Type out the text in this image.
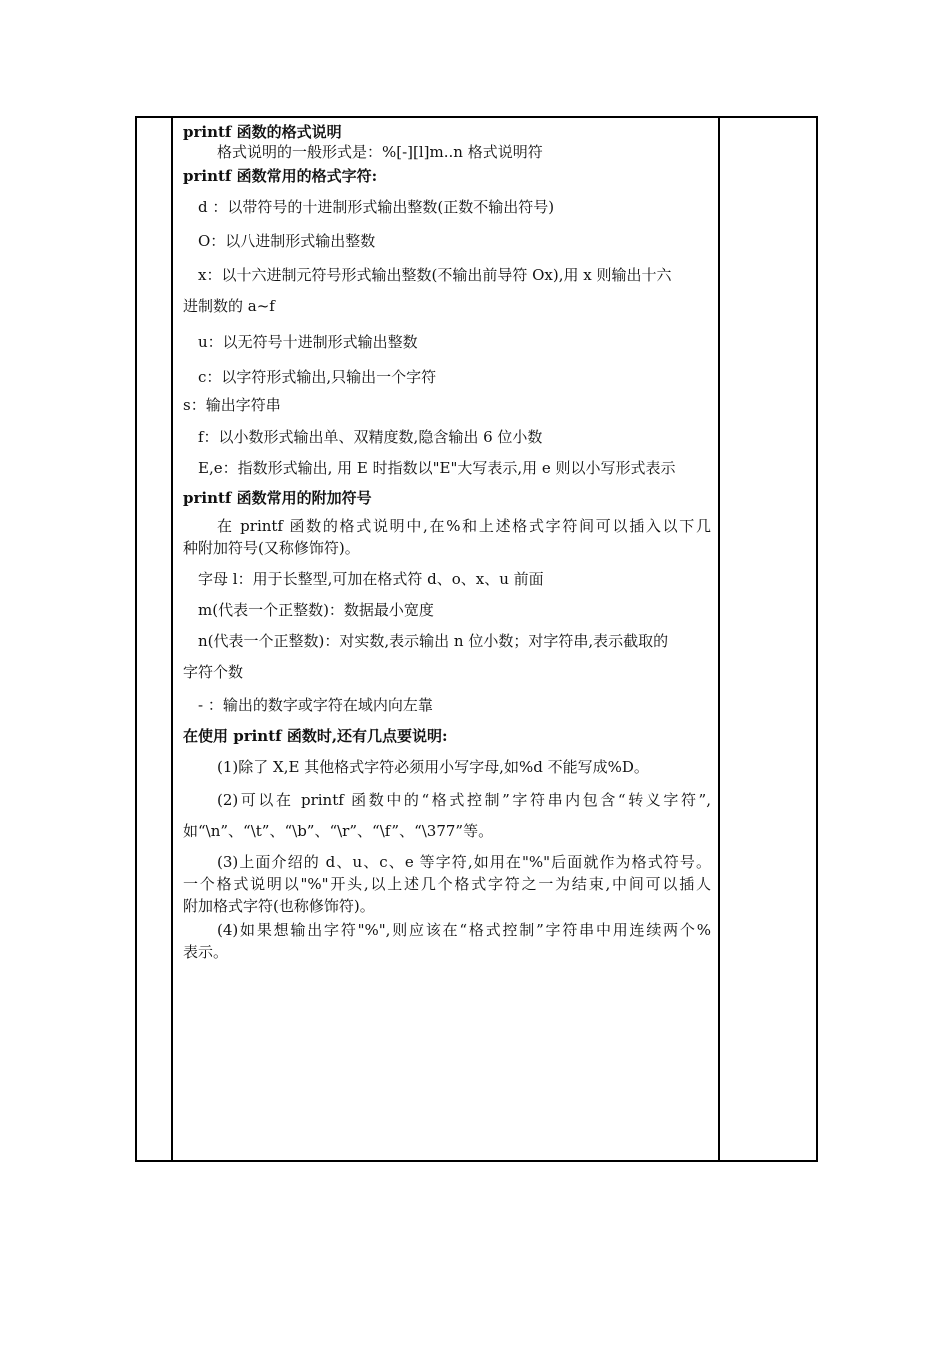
printf 函数的格式说明
格式说明的一般形式是：%[-][l]m..n 格式说明符
printf 函数常用的格式字符:
d ：以带符号的十进制形式输出整数(正数不输出符号)
O：以八进制形式输出整数
x：以十六进制元符号形式输出整数(不输出前导符 Ox),用 x 则输出十六
进制数的 a~f
u：以无符号十进制形式输出整数
c：以字符形式输出,只输出一个字符
s：输出字符串
f：以小数形式输出单、双精度数,隐含输出 6 位小数
E,e：指数形式输出, 用 E 时指数以"E"大写表示,用 e 则以小写形式表示
printf 函数常用的附加符号
在 printf 函数的格式说明中,在%和上述格式字符间可以插入以下几
种附加符号(又称修饰符)。
字母 l：用于长整型,可加在格式符 d、o、x、u 前面
m(代表一个正整数)：数据最小宽度
n(代表一个正整数)：对实数,表示输出 n 位小数；对字符串,表示截取的
字符个数
- ：输出的数字或字符在域内向左靠
在使用 printf 函数时,还有几点要说明:
(1)除了 X,E 其他格式字符必须用小写字母,如%d 不能写成%D。
(2)可以在 printf 函数中的“格式控制”字符串内包含“转义字符”,
如“\n”、“\t”、“\b”、“\r”、“\f”、“\377”等。
(3)上面介绍的 d、u、c、e 等字符,如用在"%"后面就作为格式符号。
一个格式说明以"%"开头,以上述几个格式字符之一为结束,中间可以插人
附加格式字符(也称修饰符)。
(4)如果想输出字符"%",则应该在“格式控制”字符串中用连续两个%
表示。
